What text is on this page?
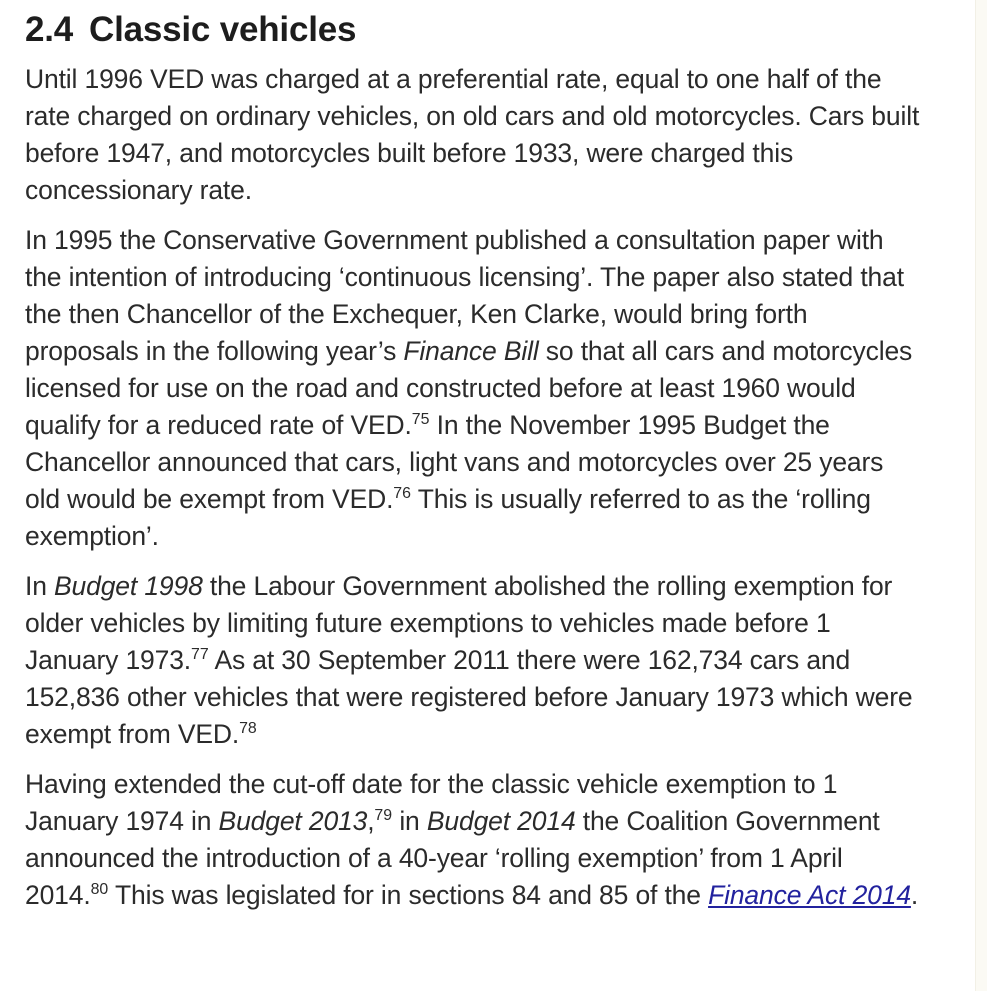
2.4 Classic vehicles

Until 1996 VED was charged at a preferential rate, equal to one half of the rate charged on ordinary vehicles, on old cars and old motorcycles. Cars built before 1947, and motorcycles built before 1933, were charged this concessionary rate.

In 1995 the Conservative Government published a consultation paper with the intention of introducing ‘continuous licensing’. The paper also stated that the then Chancellor of the Exchequer, Ken Clarke, would bring forth proposals in the following year’s Finance Bill so that all cars and motorcycles licensed for use on the road and constructed before at least 1960 would qualify for a reduced rate of VED.$^{75}$ In the November 1995 Budget the Chancellor announced that cars, light vans and motorcycles over 25 years old would be exempt from VED.$^{76}$ This is usually referred to as the ‘rolling exemption’.

In Budget 1998 the Labour Government abolished the rolling exemption for older vehicles by limiting future exemptions to vehicles made before 1 January 1973.77 As at 30 September 2011 there were 162,734 cars and 152,836 other vehicles that were registered before January 1973 which were exempt from VED.$^{78}$

Having extended the cut-off date for the classic vehicle exemption to 1 January 1974 in Budget 2013,79 in Budget 2014 the Coalition Government announced the introduction of a 40-year ‘rolling exemption’ from 1 April 2014.80 This was legislated for in sections 84 and 85 of the Finance Act 2014.
